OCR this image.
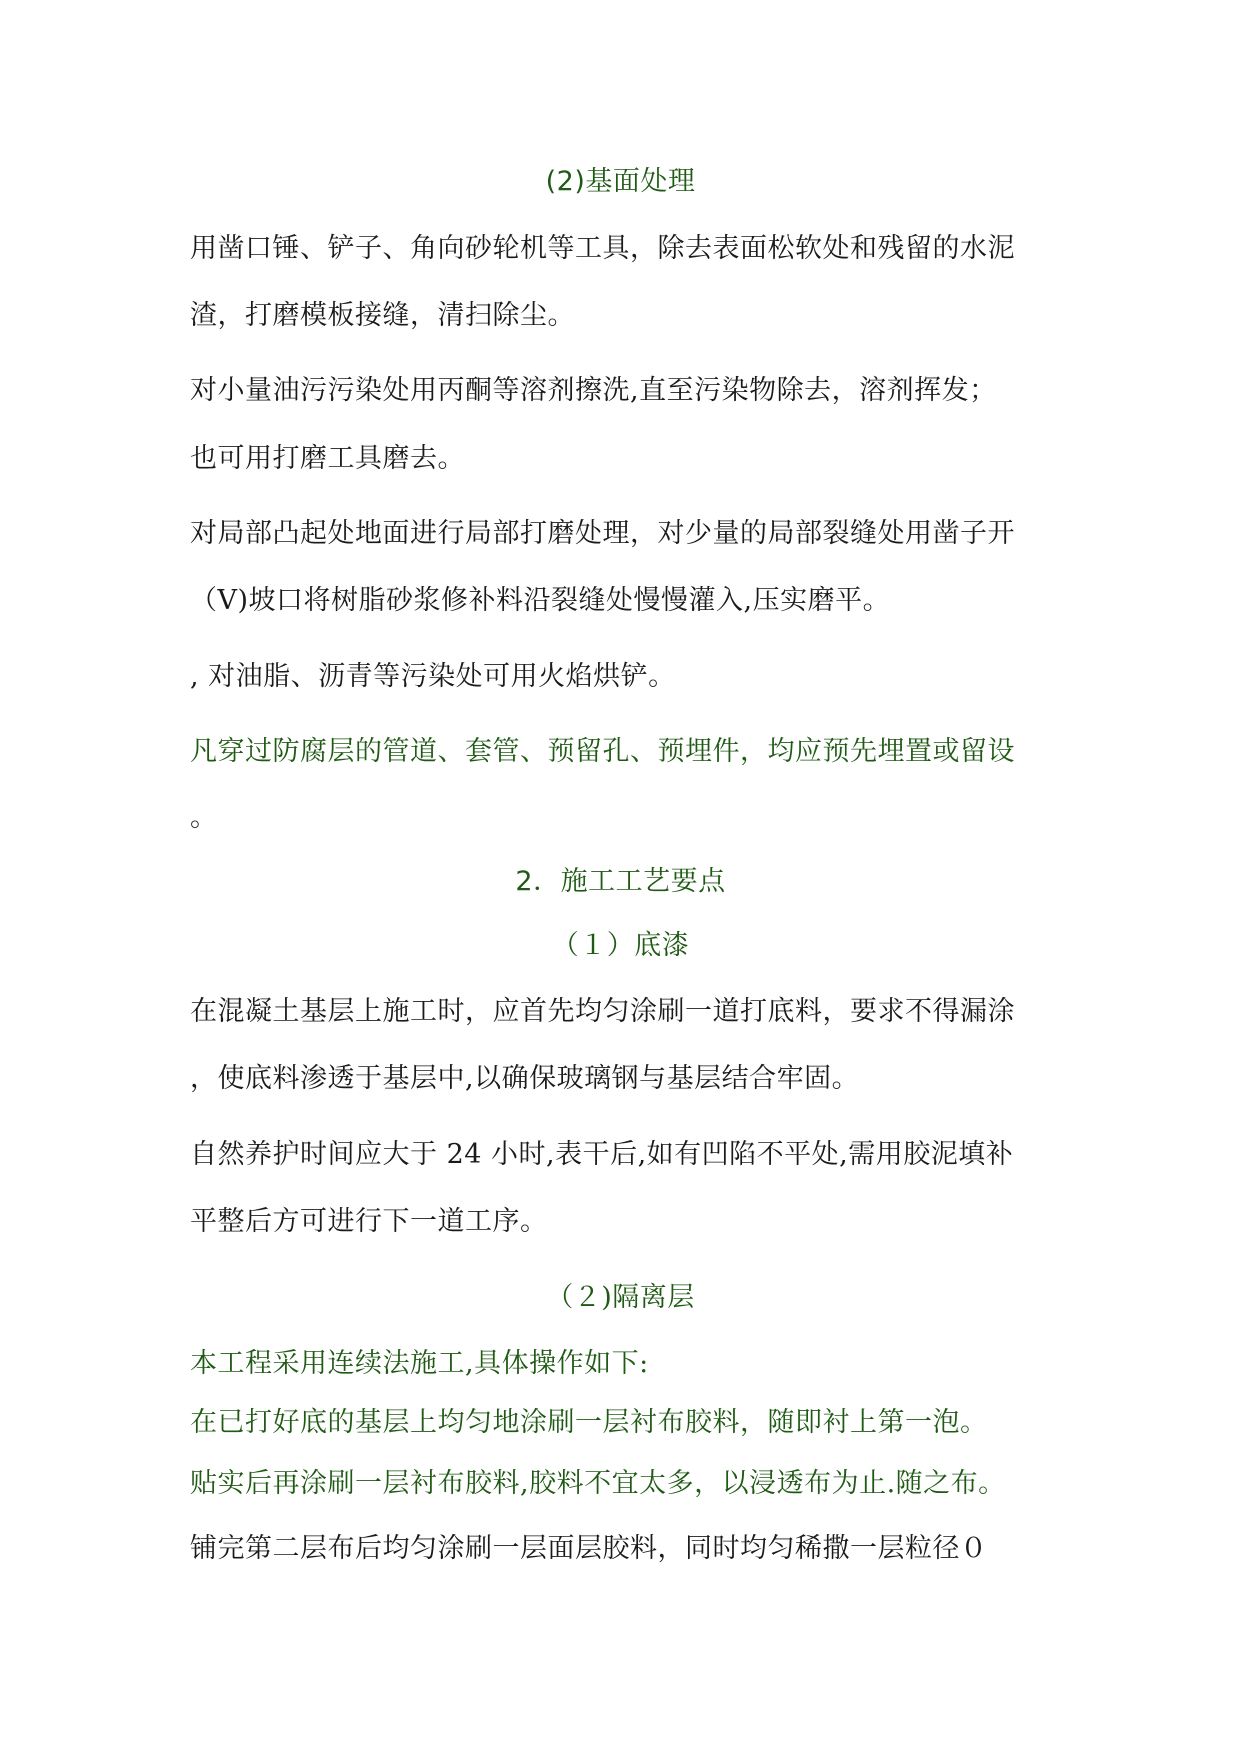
(2)基面处理
用凿口锤、铲子、角向砂轮机等工具，除去表面松软处和残留的水泥
渣，打磨模板接缝，清扫除尘。
对小量油污污染处用丙酮等溶剂擦洗,直至污染物除去，溶剂挥发；
也可用打磨工具磨去。
对局部凸起处地面进行局部打磨处理，对少量的局部裂缝处用凿子开
（V)坡口将树脂砂浆修补料沿裂缝处慢慢灌入,压实磨平。
, 对油脂、沥青等污染处可用火焰烘铲。
凡穿过防腐层的管道、套管、预留孔、预埋件，均应预先埋置或留设
。
2．施工工艺要点
（１）底漆
在混凝土基层上施工时，应首先均匀涂刷一道打底料，要求不得漏涂
，使底料渗透于基层中,以确保玻璃钢与基层结合牢固。
自然养护时间应大于 24 小时,表干后,如有凹陷不平处,需用胶泥填补
平整后方可进行下一道工序。
（２)隔离层
本工程采用连续法施工,具体操作如下:
在已打好底的基层上均匀地涂刷一层衬布胶料，随即衬上第一泡。
贴实后再涂刷一层衬布胶料,胶料不宜太多，以浸透布为止.随之布。
铺完第二层布后均匀涂刷一层面层胶料，同时均匀稀撒一层粒径０
